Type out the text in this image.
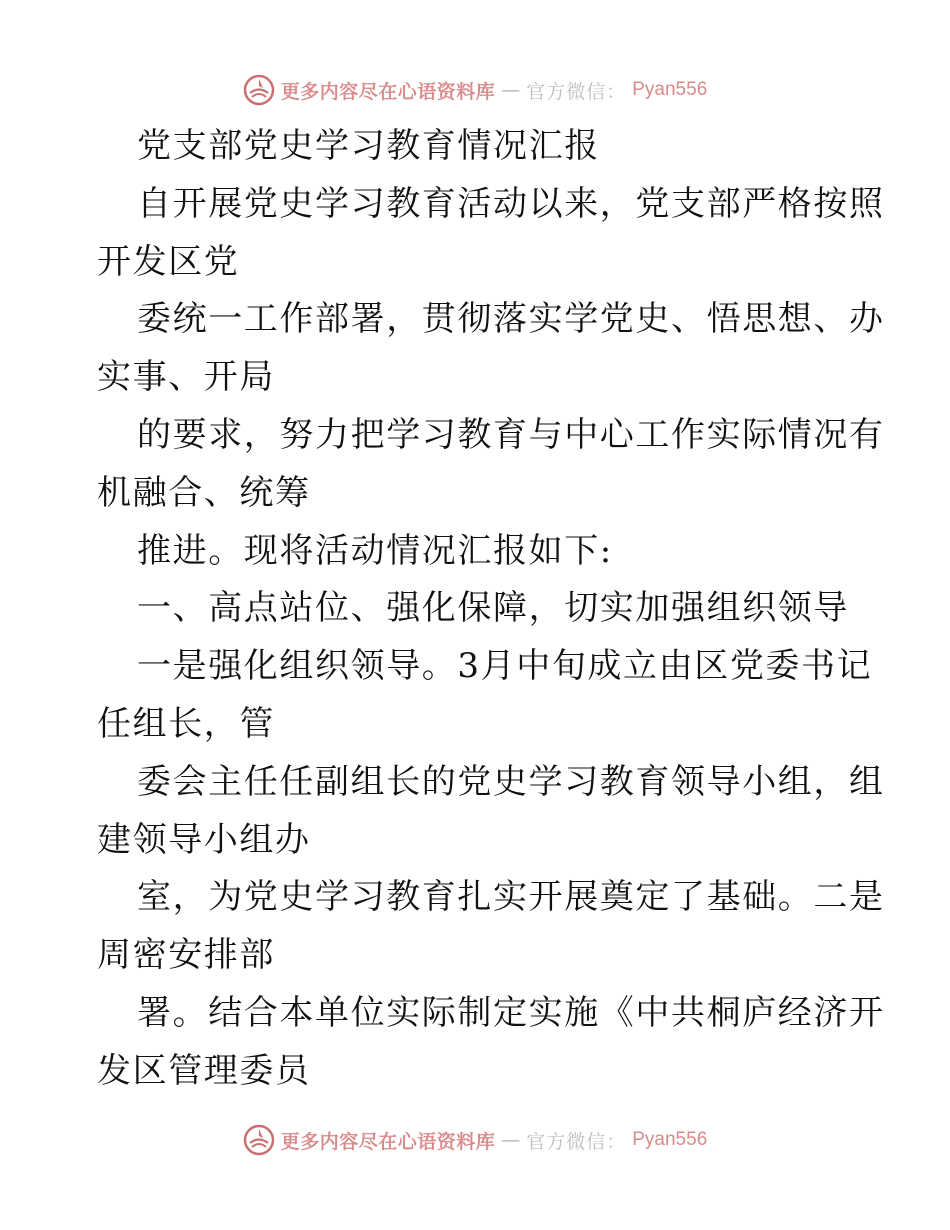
更多内容尽在心语资料库 — 官方微信： Pyan556
党支部党史学习教育情况汇报
自开展党史学习教育活动以来，党支部严格按照
开发区党
委统一工作部署，贯彻落实学党史、悟思想、办
实事、开局
的要求，努力把学习教育与中心工作实际情况有
机融合、统筹
推进。现将活动情况汇报如下:
一、高点站位、强化保障，切实加强组织领导
一是强化组织领导。3月中旬成立由区党委书记
任组长，管
委会主任任副组长的党史学习教育领导小组，组
建领导小组办
室，为党史学习教育扎实开展奠定了基础。二是
周密安排部
署。结合本单位实际制定实施《中共桐庐经济开
发区管理委员
更多内容尽在心语资料库 — 官方微信： Pyan556
